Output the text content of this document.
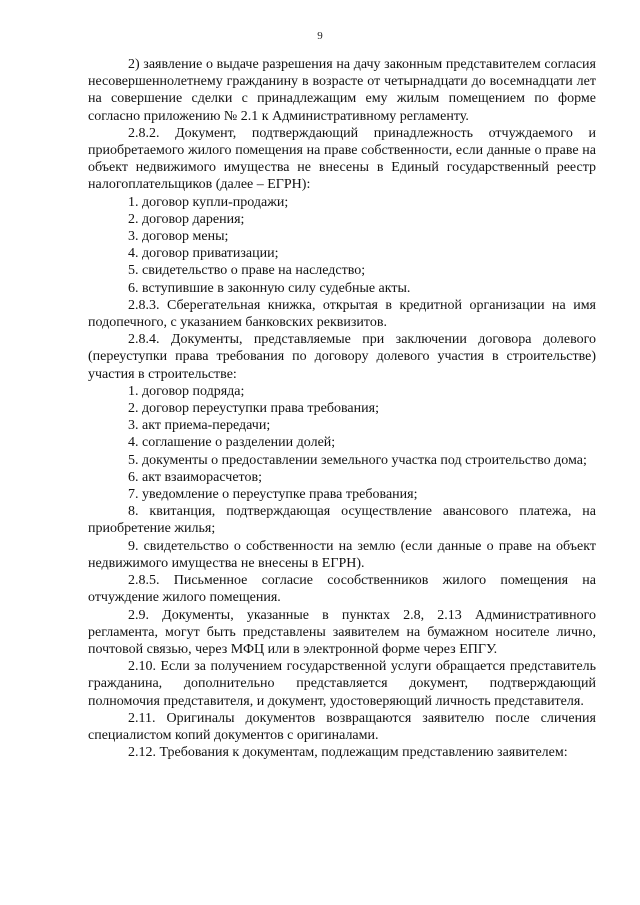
9

2) заявление о выдаче разрешения на дачу законным представителем согласия несовершеннолетнему гражданину в возрасте от четырнадцати до восемнадцати лет на совершение сделки с принадлежащим ему жилым помещением по форме согласно приложению № 2.1 к Административному регламенту.

2.8.2. Документ, подтверждающий принадлежность отчуждаемого и приобретаемого жилого помещения на праве собственности, если данные о праве на объект недвижимого имущества не внесены в Единый государственный реестр налогоплательщиков (далее – ЕГРН):

1. договор купли-продажи;

2. договор дарения;

3. договор мены;

4. договор приватизации;

5. свидетельство о праве на наследство;

6. вступившие в законную силу судебные акты.

2.8.3. Сберегательная книжка, открытая в кредитной организации на имя подопечного, с указанием банковских реквизитов.

2.8.4. Документы, представляемые при заключении договора долевого (переуступки права требования по договору долевого участия в строительстве) участия в строительстве:

1. договор подряда;

2. договор переуступки права требования;

3. акт приема-передачи;

4. соглашение о разделении долей;

5. документы о предоставлении земельного участка под строительство дома;

6. акт взаиморасчетов;

7. уведомление о переуступке права требования;

8. квитанция, подтверждающая осуществление авансового платежа, на приобретение жилья;

9. свидетельство о собственности на землю (если данные о праве на объект недвижимого имущества не внесены в ЕГРН).

2.8.5. Письменное согласие сособственников жилого помещения на отчуждение жилого помещения.

2.9. Документы, указанные в пунктах 2.8, 2.13 Административного регламента, могут быть представлены заявителем на бумажном носителе лично, почтовой связью, через МФЦ или в электронной форме через ЕПГУ.

2.10. Если за получением государственной услуги обращается представитель гражданина, дополнительно представляется документ, подтверждающий полномочия представителя, и документ, удостоверяющий личность представителя.

2.11. Оригиналы документов возвращаются заявителю после сличения специалистом копий документов с оригиналами.

2.12. Требования к документам, подлежащим представлению заявителем:
